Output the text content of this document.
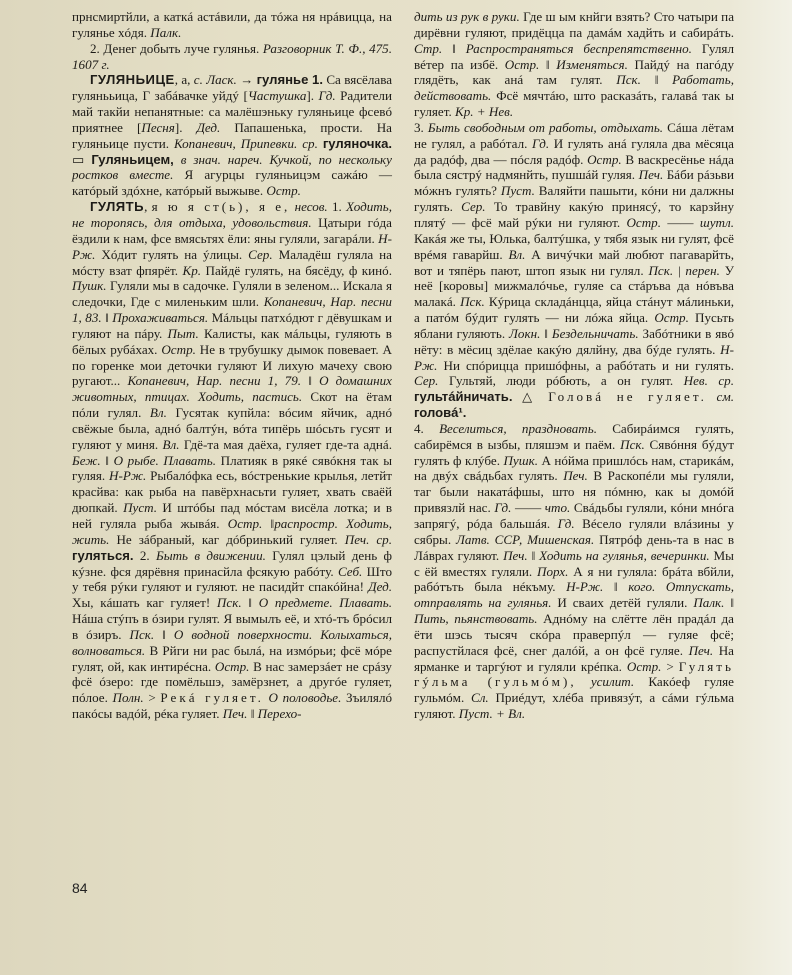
прнсмиртйли, а каткá астáвили, да тóжа ня нрáвицца, на гулянье хóдя. Палк.

2. Денег добыть луче гулянья. Разговорник Т. Ф., 475. 1607 г.

ГУЛЯНЬИЦЕ, а, с. Ласк. → гулянье 1. Са вясёлава гулянььица, Г забáвачке уйдý [Частушка]. Гд. Радители май такйи непанятные: са малёшэньку гуляньице фсевó приятнее [Песня]. Дед. Папашенька, прости. На гуляньице пусти. Копаневич, Припевки. ср. гуляночка. ▭ Гуляньицем, в знач. нареч. Кучкой, по нескольку ростков вместе. Я агурцы гуляньицэм сажáю — катóрый здóхне, катóрый выжыве. Остр.

ГУЛЯТЬ, я ю я ст(ь), я е, несов. 1. Ходить, не торопясь, для отдыха, удовольствия. Цатыри гóда ёздили к нам, фсе вмясьтях ёли: яны гуляли, загарáли. Н-Рж. Хóдит гулять на ýлицы. Сер. Маладёш гуляла на мóсту взат фпярёт. Кр. Пайдё гулять, на бясёду, ф кинó. Пушк. Гуляли мы в садочке. Гуляли в зеленом... Искала я следочки, Где с миленьким шли. Копаневич, Нар. песни 1, 83. ‖ Прохаживаться. Мáльцы патхóдют г дёвушкам и гуляют на пáру. Пыт. Калисты, как мáльцы, гуляють в бёлых рубáхах. Остр. Не в трубушку дымок повевает. А по горенке мои деточки гуляют И лихую мачеху свою ругают... Копаневич, Нар. песни 1, 79. ‖ О домашних животных, птицах. Ходить, пастись. Скот на ётам пóли гулял. Вл. Гусятак купйла: вóсим яйчик, аднó свёжые была, аднó балтýн, вóта типёрь шóсьть гусят и гуляют у миня. Вл. Гдё-та мая даёха, гуляет где-та аднá. Беж. ‖ О рыбе. Плавать. Платияк в рякé сявóкня так ы гуляя. Н-Рж. Рыбалóфка есь, вóстренькие крылья, летйт красйва: как рыба на павёрхнасьти гуляет, хвать сваёй дюпкай. Пуст. И штóбы пад мóстам висёла лотка; и в ней гуляла рыба жывáя. Остр. ‖распростр. Ходить, жить. Не зáбраный, каг дóбринький гуляет. Печ. ср. гуляться. 2. Быть в движении. Гулял цэлый день ф кýзне. фся дярёвня принасйла фсякую рабóту. Себ. Што у тебя рýки гуляют и гуляют. не пасидйт спакóйна! Дед. Хы, кáшать каг гуляет! Пск. ‖ О предмете. Плавать. Нáша стýпъ в óзири гулят. Я вымылъ её, и хтó-тъ брóсил в óзиръ. Пск. ‖ О водной поверхности. Колыхаться, волноваться. В Рйги ни рас былá, на измóрьи; фсё мóре гулят, ой, как интирéсна. Остр. В нас замерзáет не срáзу фсё óзеро: где помёльшэ, замёрзнет, а другóе гуляет, пóлое. Полн. > Рекá гуляет. О половодье. Зъилялó пакóсы вадóй, рéка гуляет. Печ. ‖ Перехо-

дить из рук в руки. Где ш ым кнйги взять? Сто чатыри па дирёвни гуляют, придёцца па дамáм хадйть и сабирáть. Стр. ‖ Распространяться беспрепятственно. Гулял вéтер па избё. Остр. ‖ Изменяться. Пайдý на пагóду глядёть, как анá там гулят. Пск. ‖ Работать, действовать. Фсё мячтáю, што расказáть, галавá так ы гуляет. Кр. + Нев.

3. Быть свободным от работы, отдыхать. Сáша лётам не гулял, а рабóтал. Гд. И гулять анá гуляла два мёсяца да радóф, два — пóсля радóф. Остр. В васкресёнье нáда была сястрý надмянйть, пушшáй гуляя. Печ. Бáби рáзьви мóжнъ гулять? Пуст. Валяйти пашыти, кóни ни далжны гулять. Сер. То травйну какýю принясý, то карзйну плятý — фсё май рýки ни гуляют. Остр. —— шутл. Какáя же ты, Юлька, балтýшка, у тябя язык ни гулят, фсё врéмя гаварйш. Вл. А вичýчки май любют пагаварйть, вот и тяпёрь пают, штоп язык ни гулял. Пск. | перен. У неё [коровы] мижмалóчье, гуляе са стáръва да нóвъва малакá. Пск. Кýрица складáнцца, яйца стáнут мáлиньки, а патóм бýдит гулять — ни лóжа яйца. Остр. Пусьть яблани гуляють. Локн. ‖ Бездельничать. Забóтники в явó нёту: в мёсиц здёлае какýю дялйну, два бýде гулять. Н-Рж. Ни спóрицца пришóфны, а рабóтать и ни гулять. Сер. Гультяй, люди рóбють, а он гулят. Нев. ср. гультáйничать. △ Головá не гуляет. см. головá¹.

4. Веселиться, праздновать. Сабирáимся гулять, сабирёмся в ызбы, пляшэм и паём. Пск. Сявóння бýдут гулять ф клýбе. Пушк. А нóйма пришлóсь нам, старикáм, на двýх свáдьбах гулять. Печ. В Раскопéли мы гуляли, таг были накатáфшы, што ня пóмню, как ы домóй привязлй нас. Гд. —— что. Свáдьбы гуляли, кóни мнóга запрягý, рóда бальшáя. Гд. Вéсело гуляли влáзины у сябры. Латв. ССР, Мишенская. Пятрóф день-та в нас в Лáврах гуляют. Печ. ‖ Ходить на гулянья, вечеринки. Мы с ёй вместях гуляли. Порх. А я ни гуляла: брáта вбйли, рабóтъть была нéкъму. Н-Рж. ‖ кого. Отпускать, отправлять на гулянья. И сваих детёй гуляли. Палк. ‖ Пить, пьянствовать. Аднóму на слётте лён прадáл да ёти шэсь тысяч скóра праверпýл — гуляе фсё; распустйлася фсё, снег далóй, а он фсё гуляе. Печ. На ярманке и таргýют и гуляли крéпка. Остр. > Гулять гýльма (гульмóм), усилит. Какóеф гуляе гульмóм. Сл. Приéдут, хлéба привязýт, а сáми гýльма гуляют. Пуст. + Вл.

84
